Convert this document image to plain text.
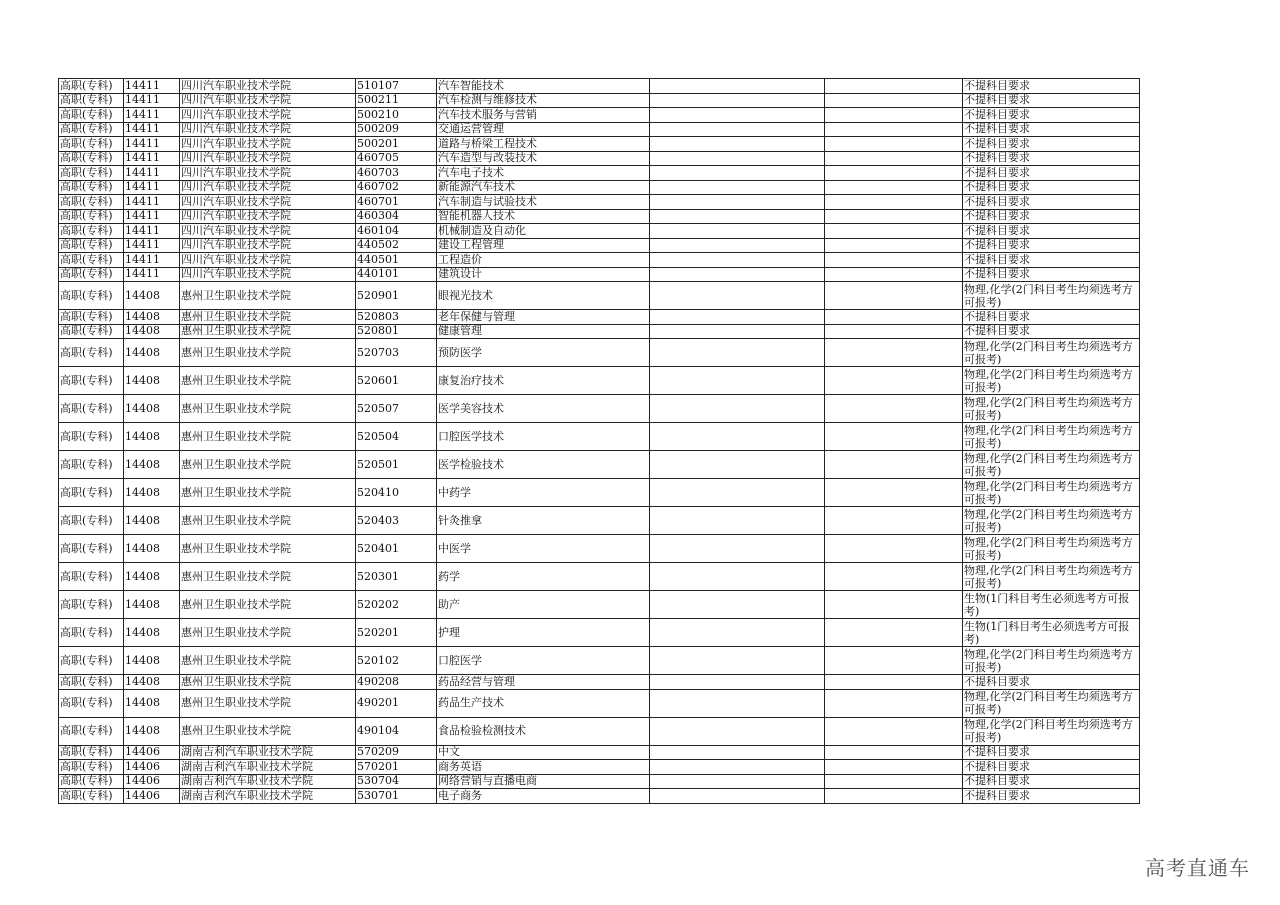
高职(专科)	14411	四川汽车职业技术学院	510107	汽车智能技术			不提科目要求
高职(专科)	14411	四川汽车职业技术学院	500211	汽车检测与维修技术			不提科目要求
高职(专科)	14411	四川汽车职业技术学院	500210	汽车技术服务与营销			不提科目要求
高职(专科)	14411	四川汽车职业技术学院	500209	交通运营管理			不提科目要求
高职(专科)	14411	四川汽车职业技术学院	500201	道路与桥梁工程技术			不提科目要求
高职(专科)	14411	四川汽车职业技术学院	460705	汽车造型与改装技术			不提科目要求
高职(专科)	14411	四川汽车职业技术学院	460703	汽车电子技术			不提科目要求
高职(专科)	14411	四川汽车职业技术学院	460702	新能源汽车技术			不提科目要求
高职(专科)	14411	四川汽车职业技术学院	460701	汽车制造与试验技术			不提科目要求
高职(专科)	14411	四川汽车职业技术学院	460304	智能机器人技术			不提科目要求
高职(专科)	14411	四川汽车职业技术学院	460104	机械制造及自动化			不提科目要求
高职(专科)	14411	四川汽车职业技术学院	440502	建设工程管理			不提科目要求
高职(专科)	14411	四川汽车职业技术学院	440501	工程造价			不提科目要求
高职(专科)	14411	四川汽车职业技术学院	440101	建筑设计			不提科目要求
高职(专科)	14408	惠州卫生职业技术学院	520901	眼视光技术			物理,化学(2门科目考生均须选考方可报考)
高职(专科)	14408	惠州卫生职业技术学院	520803	老年保健与管理			不提科目要求
高职(专科)	14408	惠州卫生职业技术学院	520801	健康管理			不提科目要求
高职(专科)	14408	惠州卫生职业技术学院	520703	预防医学			物理,化学(2门科目考生均须选考方可报考)
高职(专科)	14408	惠州卫生职业技术学院	520601	康复治疗技术			物理,化学(2门科目考生均须选考方可报考)
高职(专科)	14408	惠州卫生职业技术学院	520507	医学美容技术			物理,化学(2门科目考生均须选考方可报考)
高职(专科)	14408	惠州卫生职业技术学院	520504	口腔医学技术			物理,化学(2门科目考生均须选考方可报考)
高职(专科)	14408	惠州卫生职业技术学院	520501	医学检验技术			物理,化学(2门科目考生均须选考方可报考)
高职(专科)	14408	惠州卫生职业技术学院	520410	中药学			物理,化学(2门科目考生均须选考方可报考)
高职(专科)	14408	惠州卫生职业技术学院	520403	针灸推拿			物理,化学(2门科目考生均须选考方可报考)
高职(专科)	14408	惠州卫生职业技术学院	520401	中医学			物理,化学(2门科目考生均须选考方可报考)
高职(专科)	14408	惠州卫生职业技术学院	520301	药学			物理,化学(2门科目考生均须选考方可报考)
高职(专科)	14408	惠州卫生职业技术学院	520202	助产			生物(1门科目考生必须选考方可报考)
高职(专科)	14408	惠州卫生职业技术学院	520201	护理			生物(1门科目考生必须选考方可报考)
高职(专科)	14408	惠州卫生职业技术学院	520102	口腔医学			物理,化学(2门科目考生均须选考方可报考)
高职(专科)	14408	惠州卫生职业技术学院	490208	药品经营与管理			不提科目要求
高职(专科)	14408	惠州卫生职业技术学院	490201	药品生产技术			物理,化学(2门科目考生均须选考方可报考)
高职(专科)	14408	惠州卫生职业技术学院	490104	食品检验检测技术			物理,化学(2门科目考生均须选考方可报考)
高职(专科)	14406	湖南吉利汽车职业技术学院	570209	中文			不提科目要求
高职(专科)	14406	湖南吉利汽车职业技术学院	570201	商务英语			不提科目要求
高职(专科)	14406	湖南吉利汽车职业技术学院	530704	网络营销与直播电商			不提科目要求
高职(专科)	14406	湖南吉利汽车职业技术学院	530701	电子商务			不提科目要求
高考直通车
